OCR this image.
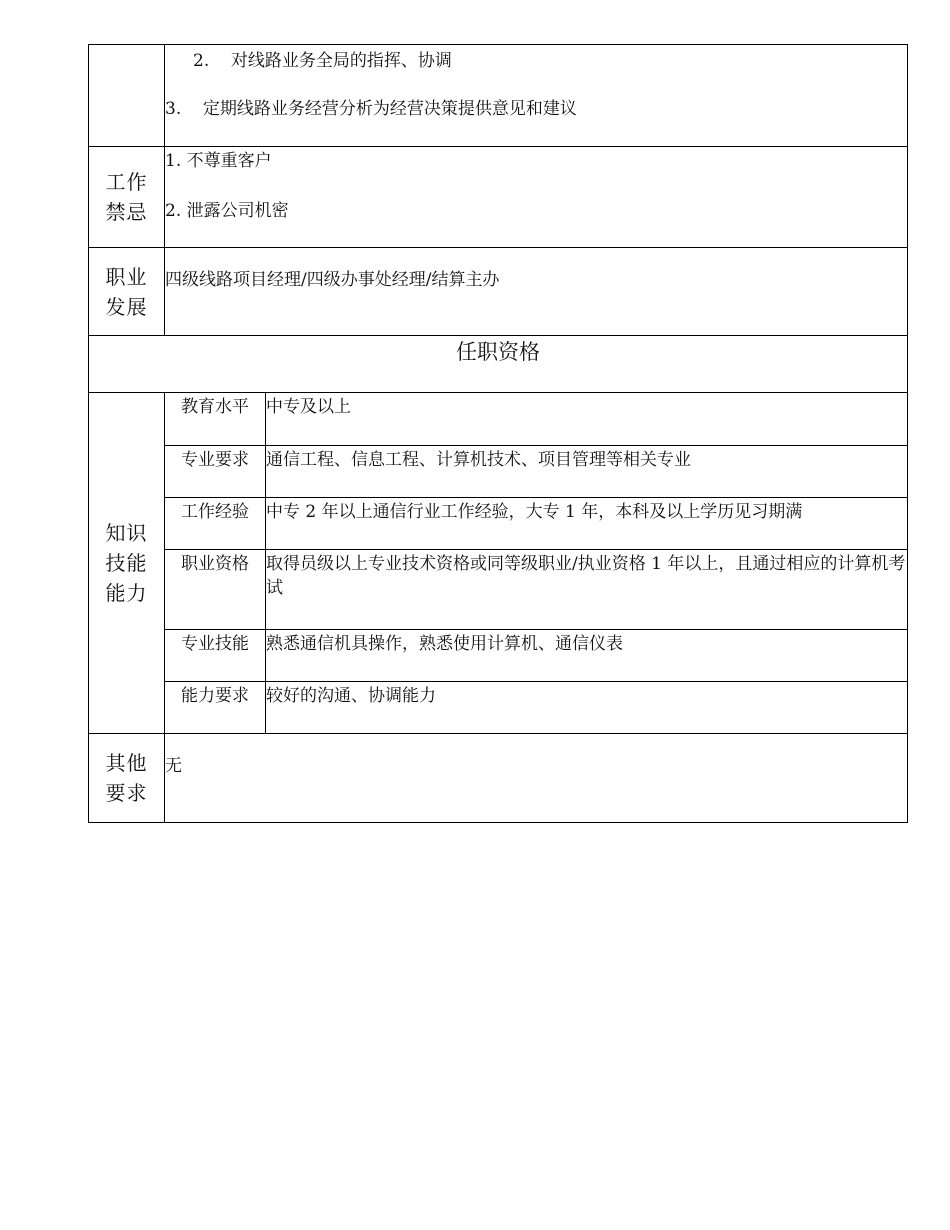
	2.    对线路业务全局的指挥、协调

3.    定期线路业务经营分析为经营决策提供意见和建议	

工作禁忌	1. 不尊重客户

2. 泄露公司机密	

职业发展	四级线路项目经理/四级办事处经理/结算主办	

任职资格		
知识技能能力	教育水平	中专及以上
	专业要求	通信工程、信息工程、计算机技术、项目管理等相关专业
	工作经验	中专 2 年以上通信行业工作经验，大专 1 年，本科及以上学历见习期满
	职业资格	取得员级以上专业技术资格或同等级职业/执业资格 1 年以上，且通过相应的计算机考试
	专业技能	熟悉通信机具操作，熟悉使用计算机、通信仪表
	能力要求	较好的沟通、协调能力
其他要求	无	
